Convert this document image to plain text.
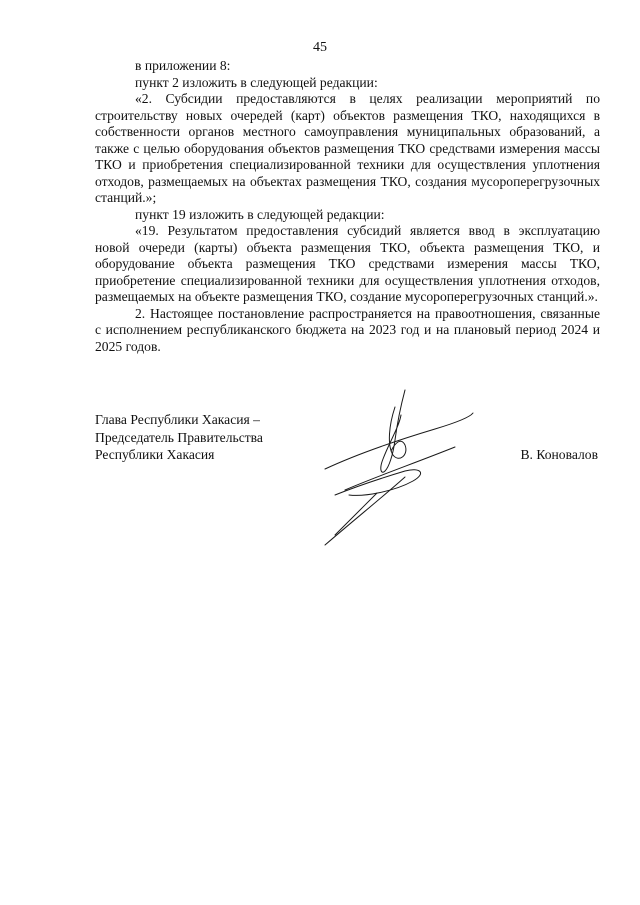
45

в приложении 8:

пункт 2 изложить в следующей редакции:

«2. Субсидии предоставляются в целях реализации мероприятий по строительству новых очередей (карт) объектов размещения ТКО, находящихся в собственности органов местного самоуправления муниципальных образований, а также с целью оборудования объектов размещения ТКО средствами измерения массы ТКО и приобретения специализированной техники для осуществления уплотнения отходов, размещаемых на объектах размещения ТКО, создания мусороперегрузочных станций.»;

пункт 19 изложить в следующей редакции:

«19. Результатом предоставления субсидий является ввод в эксплуатацию новой очереди (карты) объекта размещения ТКО, объекта размещения ТКО, и оборудование объекта размещения ТКО средствами измерения массы ТКО, приобретение специализированной техники для осуществления уплотнения отходов, размещаемых на объекте размещения ТКО, создание мусороперегрузочных станций.».

2. Настоящее постановление распространяется на правоотношения, связанные с исполнением республиканского бюджета на 2023 год и на плановый период 2024 и 2025 годов.

Глава Республики Хакасия –
Председатель Правительства
Республики Хакасия	В. Коновалов
